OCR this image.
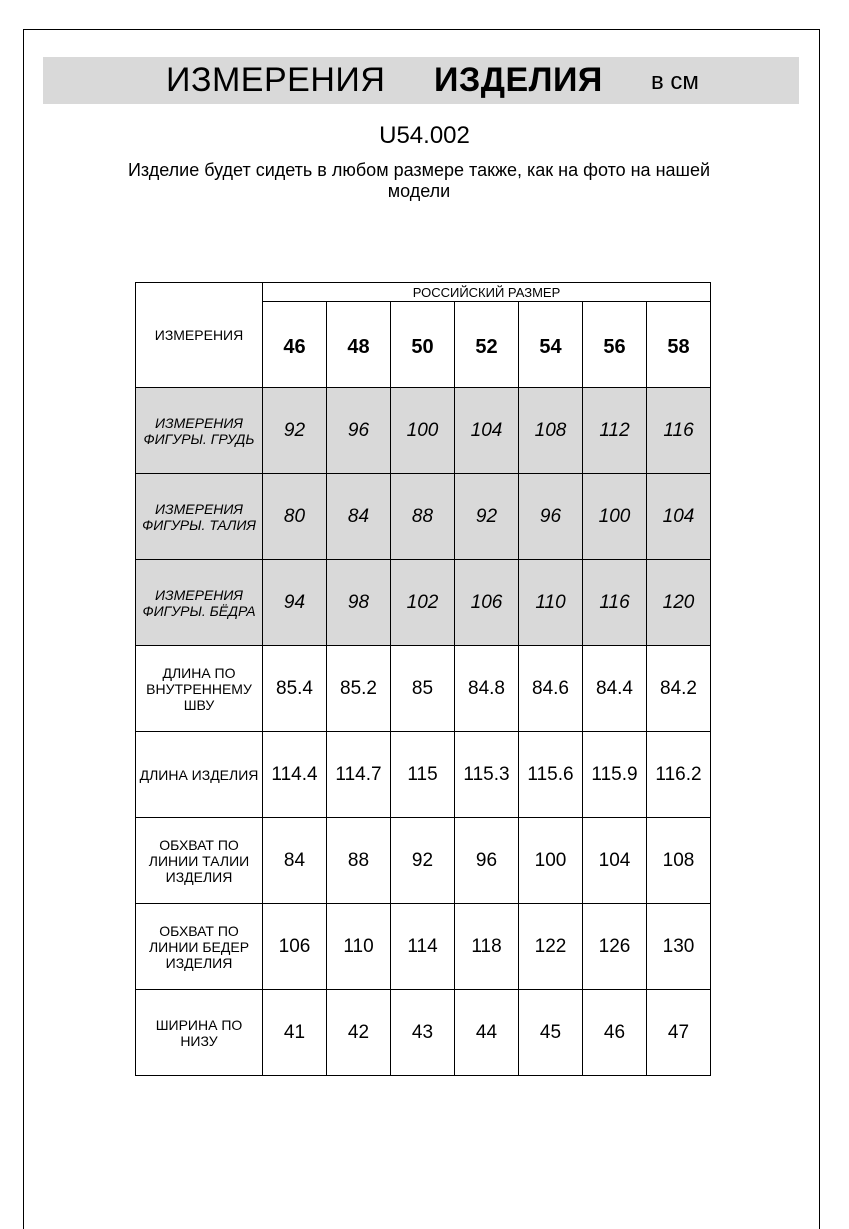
ИЗМЕРЕНИЯ ИЗДЕЛИЯ в см
U54.002
Изделие будет сидеть в любом размере также, как на фото на нашей модели
ИЗМЕРЕНИЯ	РОССИЙСКИЙ РАЗМЕР						
	46	48	50	52	54	56	58
ИЗМЕРЕНИЯ ФИГУРЫ. ГРУДЬ	92	96	100	104	108	112	116
ИЗМЕРЕНИЯ ФИГУРЫ. ТАЛИЯ	80	84	88	92	96	100	104
ИЗМЕРЕНИЯ ФИГУРЫ. БЁДРА	94	98	102	106	110	116	120
ДЛИНА ПО ВНУТРЕННЕМУ ШВУ	85.4	85.2	85	84.8	84.6	84.4	84.2
ДЛИНА ИЗДЕЛИЯ	114.4	114.7	115	115.3	115.6	115.9	116.2
ОБХВАТ ПО ЛИНИИ ТАЛИИ ИЗДЕЛИЯ	84	88	92	96	100	104	108
ОБХВАТ ПО ЛИНИИ БЕДЕР ИЗДЕЛИЯ	106	110	114	118	122	126	130
ШИРИНА ПО НИЗУ	41	42	43	44	45	46	47
